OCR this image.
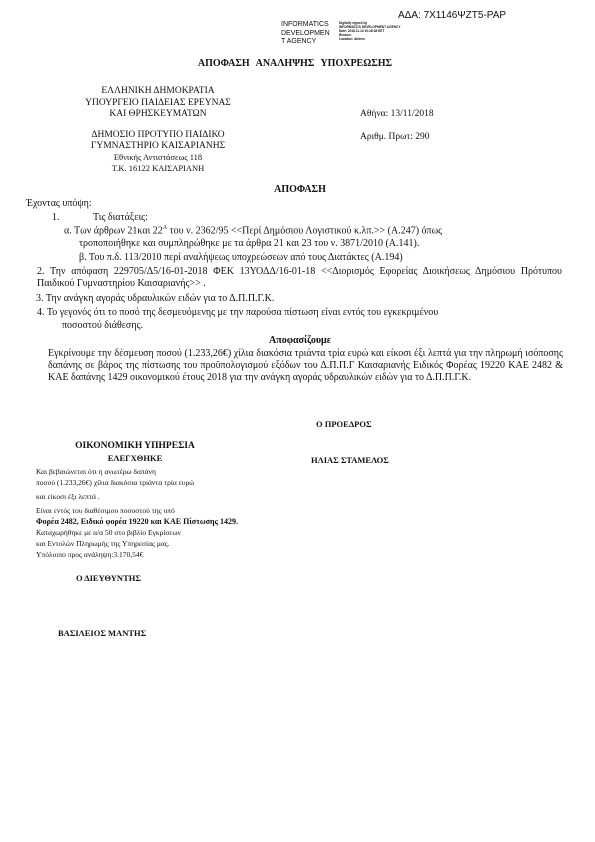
ΑΔΑ: 7Χ1146ΨΖΤ5-ΡΑΡ
INFORMATICS
DEVELOPMEN
T AGENCY
Digitally signed by
INFORMATICS DEVELOPMENT AGENCY
Date: 2018.11.14 10:28:38 EET
Reason:
Location: Athens
ΑΠΟΦΑΣΗ ΑΝΑΛΗΨΗΣ ΥΠΟΧΡΕΩΣΗΣ
ΕΛΛΗΝΙΚΗ ΔΗΜΟΚΡΑΤΙΑ
ΥΠΟΥΡΓΕΙΟ ΠΑΙΔΕΙΑΣ ΕΡΕΥΝΑΣ
ΚΑΙ ΘΡΗΣΚΕΥΜΑΤΩΝ	Αθήνα: 13/11/2018
ΔΗΜΟΣΙΟ ΠΡΟΤΥΠΟ ΠΑΙΔΙΚΟ
ΓΥΜΝΑΣΤΗΡΙΟ ΚΑΙΣΑΡΙΑΝΗΣ
Εθνικής Αντιστάσεως 118
Τ.Κ. 16122 ΚΑΙΣΑΡΙΑΝΗ
Αριθμ. Πρωτ: 290
ΑΠΟΦΑΣΗ
Έχοντας υπόψη:
1.	Τις διατάξεις:
α. Των άρθρων 21και $22^A$ του ν. 2362/95 <<Περί Δημόσιου Λογιστικού κ.λπ.>> (Α.247) όπως
τροποποιήθηκε και συμπληρώθηκε με τα άρθρα 21 και 23 του ν. 3871/2010 (Α.141).
β. Του π.δ. 113/2010 περί αναλήψεως υποχρεώσεων από τους Διατάκτες (Α.194)
2. Την απόφαση 229705/Δ5/16-01-2018 ΦΕΚ 13ΥΟΔΔ/16-01-18 <<Διορισμός Εφορείας Διοικήσεως Δημόσιου Πρότυπου Παιδικού Γυμναστηρίου Καισαριανής>> .
3. Την ανάγκη αγοράς υδραυλικών ειδών για το Δ.Π.Π.Γ.Κ.
4. Το γεγονός ότι το ποσό της δεσμευόμενης με την παρούσα πίστωση είναι εντός του εγκεκριμένου
ποσοστού διάθεσης.
Αποφασίζουμε
Εγκρίνουμε την δέσμευση ποσού (1.233,26€) χίλια διακόσια τριάντα τρία ευρώ και είκοσι έξι λεπτά για την πληρωμή ισόποσης δαπάνης σε βάρος της πίστωσης του προϋπολογισμού εξόδων του Δ.Π.Π.Γ Καισαριανής Ειδικός Φορέας 19220 ΚΑΕ 2482 & ΚΑΕ δαπάνης 1429 οικονομικού έτους 2018 για την ανάγκη αγοράς υδραυλικών ειδών για το Δ.Π.Π.Γ.Κ.
Ο ΠΡΟΕΔΡΟΣ
ΗΛΙΑΣ ΣΤΑΜΕΛΟΣ
ΟΙΚΟΝΟΜΙΚΗ ΥΠΗΡΕΣΙΑ
ΕΛΕΓΧΘΗΚΕ
Και βεβαιώνεται ότι η ανωτέρω δαπάνη
ποσού (1.233,26€) χίλια διακόσια τριάντα τρία ευρώ
και είκοσι έξι λεπτά .
Είναι εντός του διαθέσιμου ποσοστού της υπό
Φορέα 2482, Ειδικό φορέα 19220 και ΚΑΕ Πίστωσης 1429.
Καταχωρήθηκε με α/α 50 στο βιβλίο Εγκρίσεων
και Εντολών Πληρωμής της Υπηρεσίας μας.
Υπόλοιπο προς ανάληψη:3.170,54€
Ο ΔΙΕΥΘΥΝΤΗΣ
ΒΑΣΙΛΕΙΟΣ ΜΑΝΤΗΣ
